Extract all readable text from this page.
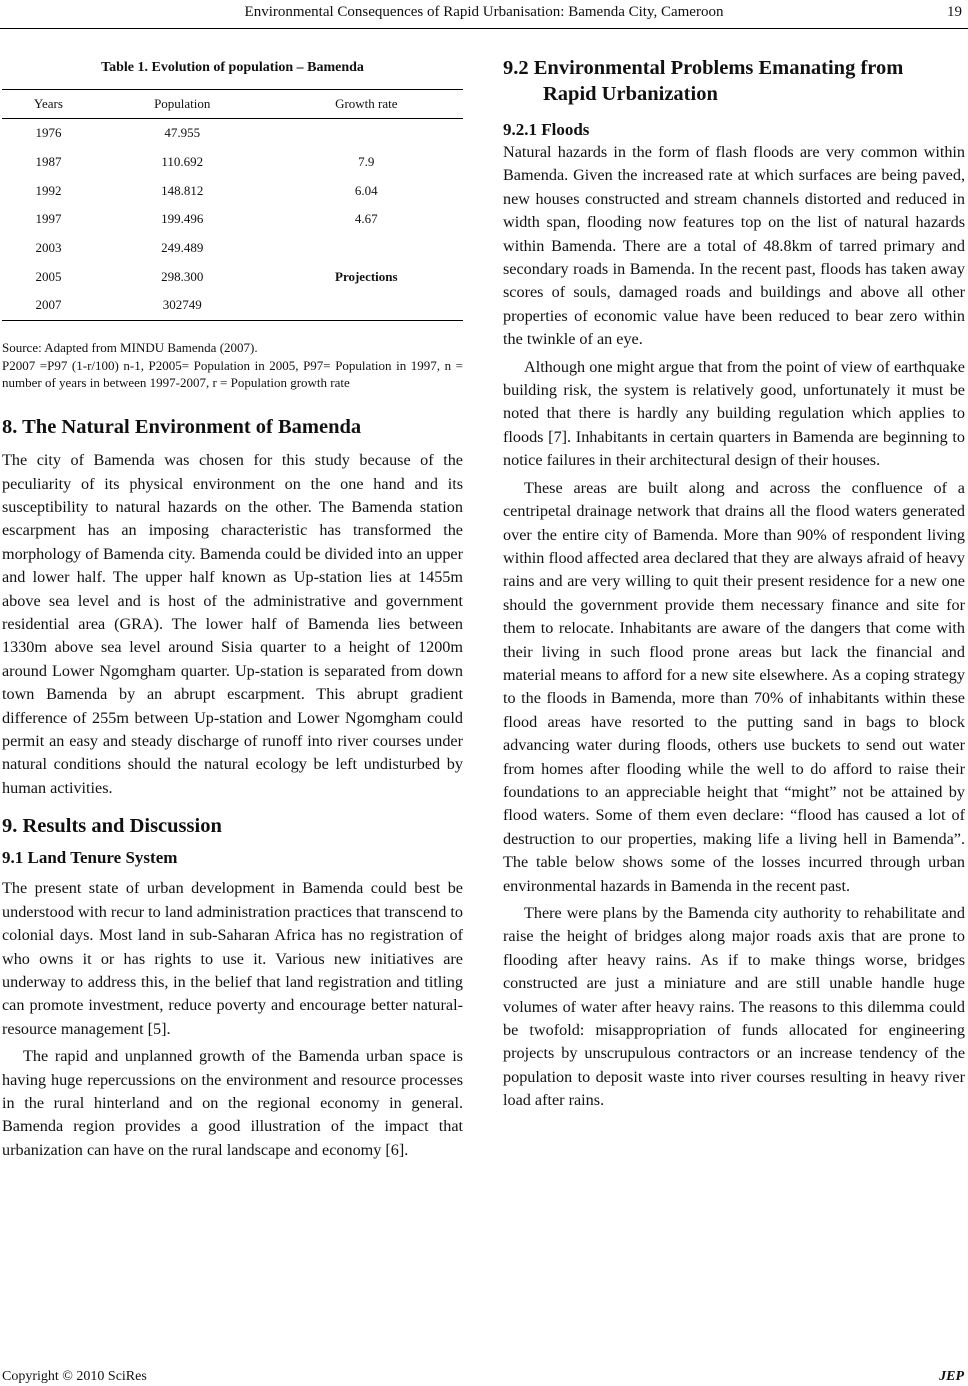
Environmental Consequences of Rapid Urbanisation: Bamenda City, Cameroon	19
Table 1. Evolution of population – Bamenda
Years	Population	Growth rate
1976	47.955	
1987	110.692	7.9
1992	148.812	6.04
1997	199.496	4.67
2003	249.489	
2005	298.300	Projections
2007	302749	
Source: Adapted from MINDU Bamenda (2007).
P2007 =P97 (1-r/100) n-1, P2005= Population in 2005, P97= Population in 1997, n = number of years in between 1997-2007, r = Population growth rate
8. The Natural Environment of Bamenda

The city of Bamenda was chosen for this study because of the peculiarity of its physical environment on the one hand and its susceptibility to natural hazards on the other. The Bamenda station escarpment has an imposing characteristic has transformed the morphology of Bamenda city. Bamenda could be divided into an upper and lower half. The upper half known as Up-station lies at 1455m above sea level and is host of the administrative and government residential area (GRA). The lower half of Bamenda lies between 1330m above sea level around Sisia quarter to a height of 1200m around Lower Ngomgham quarter. Up-station is separated from down town Bamenda by an abrupt escarpment. This abrupt gradient difference of 255m between Up-station and Lower Ngomgham could permit an easy and steady discharge of runoff into river courses under natural conditions should the natural ecology be left undisturbed by human activities.

9. Results and Discussion
9.1 Land Tenure System

The present state of urban development in Bamenda could best be understood with recur to land administration practices that transcend to colonial days. Most land in sub-Saharan Africa has no registration of who owns it or has rights to use it. Various new initiatives are underway to address this, in the belief that land registration and titling can promote investment, reduce poverty and encourage better natural-resource management [5].

The rapid and unplanned growth of the Bamenda urban space is having huge repercussions on the environment and resource processes in the rural hinterland and on the regional economy in general. Bamenda region provides a good illustration of the impact that urbanization can have on the rural landscape and economy [6].

9.2 Environmental Problems Emanating from
Rapid Urbanization
9.2.1 Floods

Natural hazards in the form of flash floods are very common within Bamenda. Given the increased rate at which surfaces are being paved, new houses constructed and stream channels distorted and reduced in width span, flooding now features top on the list of natural hazards within Bamenda. There are a total of 48.8km of tarred primary and secondary roads in Bamenda. In the recent past, floods has taken away scores of souls, damaged roads and buildings and above all other properties of economic value have been reduced to bear zero within the twinkle of an eye.

Although one might argue that from the point of view of earthquake building risk, the system is relatively good, unfortunately it must be noted that there is hardly any building regulation which applies to floods [7]. Inhabitants in certain quarters in Bamenda are beginning to notice failures in their architectural design of their houses.

These areas are built along and across the confluence of a centripetal drainage network that drains all the flood waters generated over the entire city of Bamenda. More than 90% of respondent living within flood affected area declared that they are always afraid of heavy rains and are very willing to quit their present residence for a new one should the government provide them necessary finance and site for them to relocate. Inhabitants are aware of the dangers that come with their living in such flood prone areas but lack the financial and material means to afford for a new site elsewhere. As a coping strategy to the floods in Bamenda, more than 70% of inhabitants within these flood areas have resorted to the putting sand in bags to block advancing water during floods, others use buckets to send out water from homes after flooding while the well to do afford to raise their foundations to an appreciable height that “might” not be attained by flood waters. Some of them even declare: “flood has caused a lot of destruction to our properties, making life a living hell in Bamenda”. The table below shows some of the losses incurred through urban environmental hazards in Bamenda in the recent past.

There were plans by the Bamenda city authority to rehabilitate and raise the height of bridges along major roads axis that are prone to flooding after heavy rains. As if to make things worse, bridges constructed are just a miniature and are still unable handle huge volumes of water after heavy rains. The reasons to this dilemma could be twofold: misappropriation of funds allocated for engineering projects by unscrupulous contractors or an increase tendency of the population to deposit waste into river courses resulting in heavy river load after rains.

Copyright © 2010 SciRes	JEP
